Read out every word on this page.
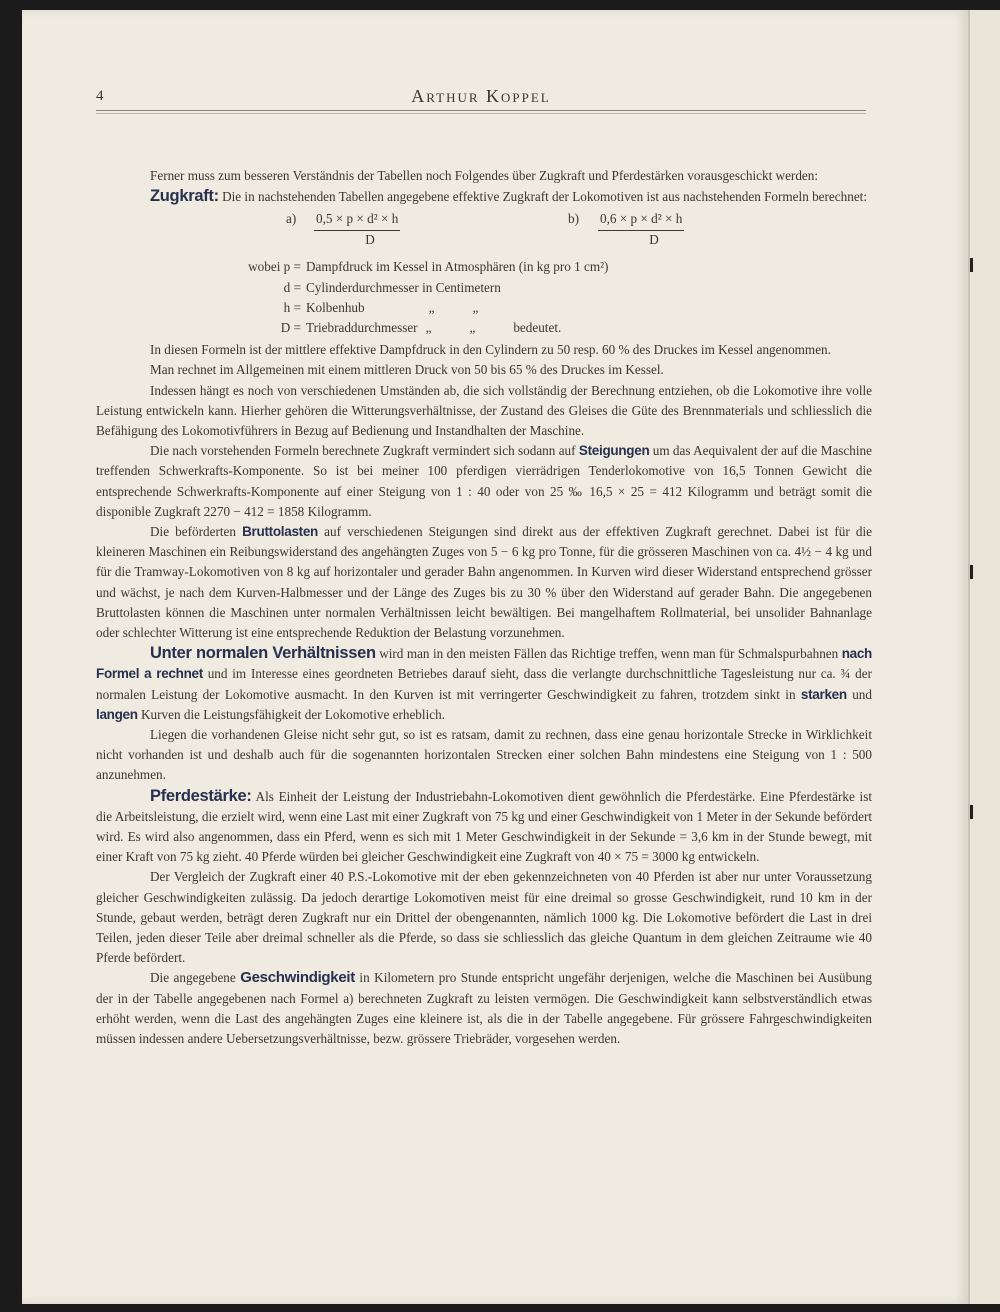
4	Arthur Koppel

Ferner muss zum besseren Verständnis der Tabellen noch Folgendes über Zugkraft und Pferdestärken vorausgeschickt werden:

Zugkraft: Die in nachstehenden Tabellen angegebene effektive Zugkraft der Lokomotiven ist aus nachstehenden Formeln berechnet:

a) 0,5 × p × d² × h
D
b) 0,6 × p × d² × h
D
wobei p = Dampfdruck im Kessel in Atmosphären (in kg pro 1 cm²)
d = Cylinderdurchmesser in Centimetern
h = Kolbenhub	„	„
D = Triebraddurchmesser „	„	bedeutet.

In diesen Formeln ist der mittlere effektive Dampfdruck in den Cylindern zu 50 resp. 60 % des Druckes im Kessel angenommen.

Man rechnet im Allgemeinen mit einem mittleren Druck von 50 bis 65 % des Druckes im Kessel.

Indessen hängt es noch von verschiedenen Umständen ab, die sich vollständig der Berechnung entziehen, ob die Lokomotive ihre volle Leistung entwickeln kann. Hierher gehören die Witterungsverhältnisse, der Zustand des Gleises die Güte des Brennmaterials und schliesslich die Befähigung des Lokomotivführers in Bezug auf Bedienung und Instandhalten der Maschine.

Die nach vorstehenden Formeln berechnete Zugkraft vermindert sich sodann auf Steigungen um das Aequivalent der auf die Maschine treffenden Schwerkrafts-Komponente. So ist bei meiner 100 pferdigen vierrädrigen Tenderlokomotive von 16,5 Tonnen Gewicht die entsprechende Schwerkrafts-Komponente auf einer Steigung von 1 : 40 oder von 25 ‰ 16,5 × 25 = 412 Kilogramm und beträgt somit die disponible Zugkraft 2270 − 412 = 1858 Kilogramm.

Die beförderten Bruttolasten auf verschiedenen Steigungen sind direkt aus der effektiven Zugkraft gerechnet. Dabei ist für die kleineren Maschinen ein Reibungswiderstand des angehängten Zuges von 5 − 6 kg pro Tonne, für die grösseren Maschinen von ca. 4½ − 4 kg und für die Tramway-Lokomotiven von 8 kg auf horizontaler und gerader Bahn angenommen. In Kurven wird dieser Widerstand entsprechend grösser und wächst, je nach dem Kurven-Halbmesser und der Länge des Zuges bis zu 30 % über den Widerstand auf gerader Bahn. Die angegebenen Bruttolasten können die Maschinen unter normalen Verhältnissen leicht bewältigen. Bei mangelhaftem Rollmaterial, bei unsolider Bahnanlage oder schlechter Witterung ist eine entsprechende Reduktion der Belastung vorzunehmen.

Unter normalen Verhältnissen wird man in den meisten Fällen das Richtige treffen, wenn man für Schmalspurbahnen nach Formel a rechnet und im Interesse eines geordneten Betriebes darauf sieht, dass die verlangte durchschnittliche Tagesleistung nur ca. ¾ der normalen Leistung der Lokomotive ausmacht. In den Kurven ist mit verringerter Geschwindigkeit zu fahren, trotzdem sinkt in starken und langen Kurven die Leistungsfähigkeit der Lokomotive erheblich.

Liegen die vorhandenen Gleise nicht sehr gut, so ist es ratsam, damit zu rechnen, dass eine genau horizontale Strecke in Wirklichkeit nicht vorhanden ist und deshalb auch für die sogenannten horizontalen Strecken einer solchen Bahn mindestens eine Steigung von 1 : 500 anzunehmen.

Pferdestärke: Als Einheit der Leistung der Industriebahn-Lokomotiven dient gewöhnlich die Pferdestärke. Eine Pferdestärke ist die Arbeitsleistung, die erzielt wird, wenn eine Last mit einer Zugkraft von 75 kg und einer Geschwindigkeit von 1 Meter in der Sekunde befördert wird. Es wird also angenommen, dass ein Pferd, wenn es sich mit 1 Meter Geschwindigkeit in der Sekunde = 3,6 km in der Stunde bewegt, mit einer Kraft von 75 kg zieht. 40 Pferde würden bei gleicher Geschwindigkeit eine Zugkraft von 40 × 75 = 3000 kg entwickeln.

Der Vergleich der Zugkraft einer 40 P.S.-Lokomotive mit der eben gekennzeichneten von 40 Pferden ist aber nur unter Voraussetzung gleicher Geschwindigkeiten zulässig. Da jedoch derartige Lokomotiven meist für eine dreimal so grosse Geschwindigkeit, rund 10 km in der Stunde, gebaut werden, beträgt deren Zugkraft nur ein Drittel der obengenannten, nämlich 1000 kg. Die Lokomotive befördert die Last in drei Teilen, jeden dieser Teile aber dreimal schneller als die Pferde, so dass sie schliesslich das gleiche Quantum in dem gleichen Zeitraume wie 40 Pferde befördert.

Die angegebene Geschwindigkeit in Kilometern pro Stunde entspricht ungefähr derjenigen, welche die Maschinen bei Ausübung der in der Tabelle angegebenen nach Formel a) berechneten Zugkraft zu leisten vermögen. Die Geschwindigkeit kann selbstverständlich etwas erhöht werden, wenn die Last des angehängten Zuges eine kleinere ist, als die in der Tabelle angegebene. Für grössere Fahrgeschwindigkeiten müssen indessen andere Uebersetzungsverhältnisse, bezw. grössere Triebräder, vorgesehen werden.
